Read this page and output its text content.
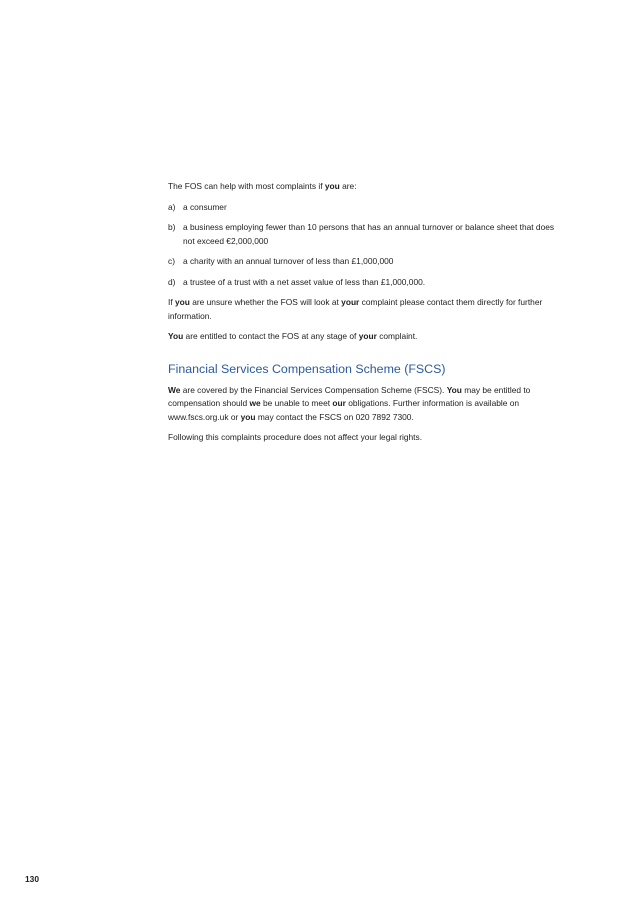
The FOS can help with most complaints if you are:

a) a consumer
b) a business employing fewer than 10 persons that has an annual turnover or balance sheet that does not exceed €2,000,000
c) a charity with an annual turnover of less than £1,000,000
d) a trustee of a trust with a net asset value of less than £1,000,000.

If you are unsure whether the FOS will look at your complaint please contact them directly for further information.

You are entitled to contact the FOS at any stage of your complaint.

Financial Services Compensation Scheme (FSCS)

We are covered by the Financial Services Compensation Scheme (FSCS). You may be entitled to compensation should we be unable to meet our obligations. Further information is available on www.fscs.org.uk or you may contact the FSCS on 020 7892 7300.

Following this complaints procedure does not affect your legal rights.

130
